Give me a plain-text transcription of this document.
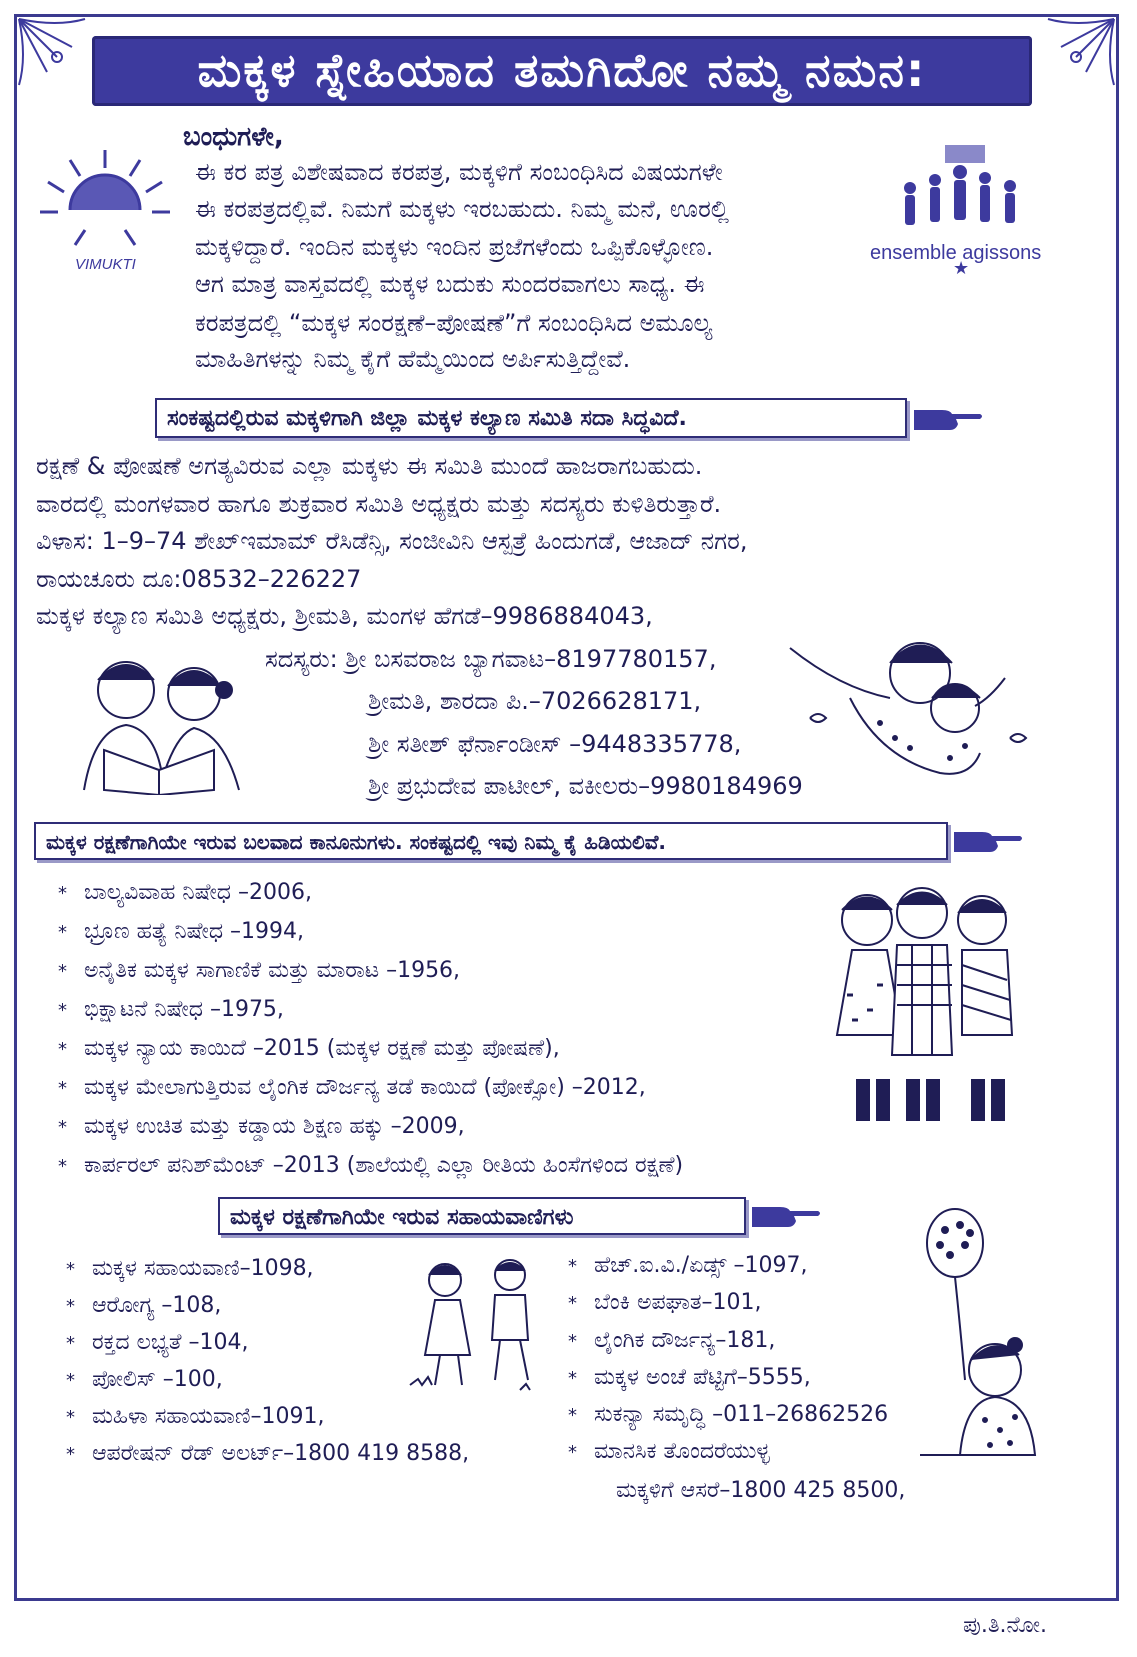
ಮಕ್ಕಳ ಸ್ನೇಹಿಯಾದ ತಮಗಿದೋ ನಮ್ಮ ನಮನ:
VIMUKTI
ensemble agissons
★
ಬಂಧುಗಳೇ,
ಈ ಕರ ಪತ್ರ ವಿಶೇಷವಾದ ಕರಪತ್ರ, ಮಕ್ಕಳಿಗೆ ಸಂಬಂಧಿಸಿದ ವಿಷಯಗಳೇ
ಈ ಕರಪತ್ರದಲ್ಲಿವೆ. ನಿಮಗೆ ಮಕ್ಕಳು ಇರಬಹುದು. ನಿಮ್ಮ ಮನೆ, ಊರಲ್ಲಿ
ಮಕ್ಕಳಿದ್ದಾರೆ. ಇಂದಿನ ಮಕ್ಕಳು ಇಂದಿನ ಪ್ರಜೆಗಳೆಂದು ಒಪ್ಪಿಕೊಳ್ಳೋಣ.
ಆಗ ಮಾತ್ರ ವಾಸ್ತವದಲ್ಲಿ ಮಕ್ಕಳ ಬದುಕು ಸುಂದರವಾಗಲು ಸಾಧ್ಯ. ಈ
ಕರಪತ್ರದಲ್ಲಿ “ಮಕ್ಕಳ ಸಂರಕ್ಷಣೆ–ಪೋಷಣೆ”ಗೆ ಸಂಬಂಧಿಸಿದ ಅಮೂಲ್ಯ
ಮಾಹಿತಿಗಳನ್ನು ನಿಮ್ಮ ಕೈಗೆ ಹೆಮ್ಮೆಯಿಂದ ಅರ್ಪಿಸುತ್ತಿದ್ದೇವೆ.
ಸಂಕಷ್ಟದಲ್ಲಿರುವ ಮಕ್ಕಳಿಗಾಗಿ ಜಿಲ್ಲಾ ಮಕ್ಕಳ ಕಲ್ಯಾಣ ಸಮಿತಿ ಸದಾ ಸಿದ್ಧವಿದೆ.
ರಕ್ಷಣೆ & ಪೋಷಣೆ ಅಗತ್ಯವಿರುವ ಎಲ್ಲಾ ಮಕ್ಕಳು ಈ ಸಮಿತಿ ಮುಂದೆ ಹಾಜರಾಗಬಹುದು.
ವಾರದಲ್ಲಿ ಮಂಗಳವಾರ ಹಾಗೂ ಶುಕ್ರವಾರ ಸಮಿತಿ ಅಧ್ಯಕ್ಷರು ಮತ್ತು ಸದಸ್ಯರು ಕುಳಿತಿರುತ್ತಾರೆ.
ವಿಳಾಸ: 1–9–74 ಶೇಖ್ಇಮಾಮ್ ರೆಸಿಡೆನ್ಸಿ, ಸಂಜೀವಿನಿ ಆಸ್ಪತ್ರೆ ಹಿಂದುಗಡೆ, ಆಜಾದ್ ನಗರ,
ರಾಯಚೂರು ದೂ:08532–226227
ಮಕ್ಕಳ ಕಲ್ಯಾಣ ಸಮಿತಿ ಅಧ್ಯಕ್ಷರು, ಶ್ರೀಮತಿ, ಮಂಗಳ ಹೆಗಡೆ–9986884043,
ಸದಸ್ಯರು: ಶ್ರೀ ಬಸವರಾಜ ಬ್ಯಾಗವಾಟ–8197780157,
ಶ್ರೀಮತಿ, ಶಾರದಾ ಪಿ.–7026628171,
ಶ್ರೀ ಸತೀಶ್ ಫೆರ್ನಾಂಡೀಸ್ –9448335778,
ಶ್ರೀ ಪ್ರಭುದೇವ ಪಾಟೀಲ್, ವಕೀಲರು–9980184969
ಮಕ್ಕಳ ರಕ್ಷಣೆಗಾಗಿಯೇ ಇರುವ ಬಲವಾದ ಕಾನೂನುಗಳು. ಸಂಕಷ್ಟದಲ್ಲಿ ಇವು ನಿಮ್ಮ ಕೈ ಹಿಡಿಯಲಿವೆ.
* ಬಾಲ್ಯವಿವಾಹ ನಿಷೇಧ –2006,
* ಭ್ರೂಣ ಹತ್ಯೆ ನಿಷೇಧ –1994,
* ಅನೈತಿಕ ಮಕ್ಕಳ ಸಾಗಾಣಿಕೆ ಮತ್ತು ಮಾರಾಟ –1956,
* ಭಿಕ್ಷಾಟನೆ ನಿಷೇಧ –1975,
* ಮಕ್ಕಳ ನ್ಯಾಯ ಕಾಯಿದೆ –2015 (ಮಕ್ಕಳ ರಕ್ಷಣೆ ಮತ್ತು ಪೋಷಣೆ),
* ಮಕ್ಕಳ ಮೇಲಾಗುತ್ತಿರುವ ಲೈಂಗಿಕ ದೌರ್ಜನ್ಯ ತಡೆ ಕಾಯಿದೆ (ಪೋಕ್ಸೋ) –2012,
* ಮಕ್ಕಳ ಉಚಿತ ಮತ್ತು ಕಡ್ಡಾಯ ಶಿಕ್ಷಣ ಹಕ್ಕು –2009,
* ಕಾರ್ಪರಲ್ ಪನಿಶ್‌ಮೆಂಟ್ –2013 (ಶಾಲೆಯಲ್ಲಿ ಎಲ್ಲಾ ರೀತಿಯ ಹಿಂಸೆಗಳಿಂದ ರಕ್ಷಣೆ)
ಮಕ್ಕಳ ರಕ್ಷಣೆಗಾಗಿಯೇ ಇರುವ ಸಹಾಯವಾಣಿಗಳು
* ಮಕ್ಕಳ ಸಹಾಯವಾಣಿ–1098,
* ಆರೋಗ್ಯ –108,
* ರಕ್ತದ ಲಭ್ಯತೆ –104,
* ಪೋಲಿಸ್ –100,
* ಮಹಿಳಾ ಸಹಾಯವಾಣಿ–1091,
* ಆಪರೇಷನ್ ರೆಡ್ ಅಲರ್ಟ್–1800 419 8588,
* ಹೆಚ್.ಐ.ವಿ./ಏಡ್ಸ್ –1097,
* ಬೆಂಕಿ ಅಪಘಾತ–101,
* ಲೈಂಗಿಕ ದೌರ್ಜನ್ಯ–181,
* ಮಕ್ಕಳ ಅಂಚೆ ಪೆಟ್ಟಿಗೆ–5555,
* ಸುಕನ್ಯಾ ಸಮೃದ್ಧಿ –011–26862526
* ಮಾನಸಿಕ ತೊಂದರೆಯುಳ್ಳ
ಮಕ್ಕಳಿಗೆ ಆಸರೆ–1800 425 8500,
ಪು.ತಿ.ನೋ.
